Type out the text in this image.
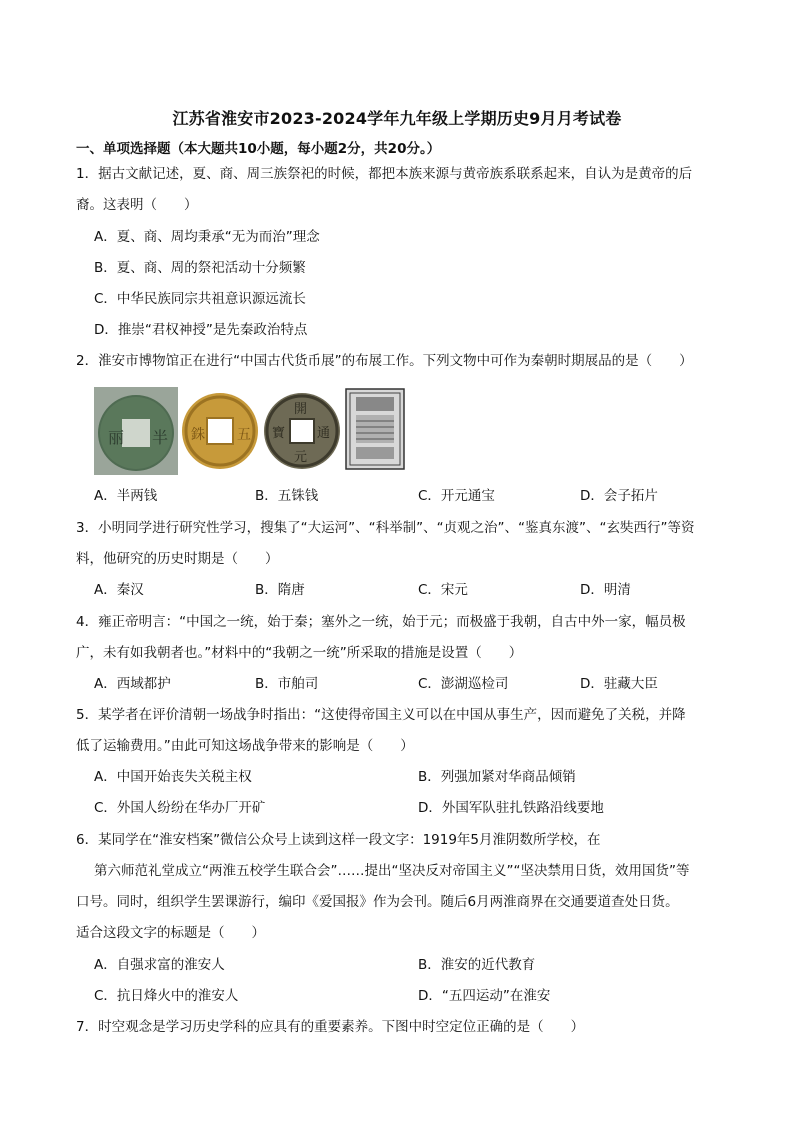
江苏省淮安市2023-2024学年九年级上学期历史9月月考试卷
一、单项选择题（本大题共10小题，每小题2分，共20分。）
1．据古文献记述，夏、商、周三族祭祀的时候，都把本族来源与黄帝族系联系起来，自认为是黄帝的后
裔。这表明（　　）
A．夏、商、周均秉承“无为而治”理念
B．夏、商、周的祭祀活动十分频繁
C．中华民族同宗共祖意识源远流长
D．推崇“君权神授”是先秦政治特点
2．淮安市博物馆正在进行“中国古代货币展”的布展工作。下列文物中可作为秦朝时期展品的是（　　）
丽 半 銖 五
開
元
寶 通
A．半两钱	B．五铢钱	C．开元通宝	D．会子拓片
3．小明同学进行研究性学习，搜集了“大运河”、“科举制”、“贞观之治”、“鉴真东渡”、“玄奘西行”等资
料，他研究的历史时期是（　　）
A．秦汉	B．隋唐	C．宋元	D．明清
4．雍正帝明言：“中国之一统，始于秦；塞外之一统，始于元；而极盛于我朝，自古中外一家，幅员极
广，未有如我朝者也。”材料中的“我朝之一统”所采取的措施是设置（　　）
A．西域都护	B．市舶司	C．澎湖巡检司	D．驻藏大臣
5．某学者在评价清朝一场战争时指出：“这使得帝国主义可以在中国从事生产，因而避免了关税，并降
低了运输费用。”由此可知这场战争带来的影响是（　　）
A．中国开始丧失关税主权	B．列强加紧对华商品倾销
C．外国人纷纷在华办厂开矿	D．外国军队驻扎铁路沿线要地
6．某同学在“淮安档案”微信公众号上读到这样一段文字：1919年5月淮阴数所学校，在
第六师范礼堂成立“两淮五校学生联合会”……提出“坚决反对帝国主义”“坚决禁用日货，效用国货”等
口号。同时，组织学生罢课游行，编印《爱国报》作为会刊。随后6月两淮商界在交通要道查处日货。
适合这段文字的标题是（　　）
A．自强求富的淮安人	B．淮安的近代教育
C．抗日烽火中的淮安人	D．“五四运动”在淮安
7．时空观念是学习历史学科的应具有的重要素养。下图中时空定位正确的是（　　）
